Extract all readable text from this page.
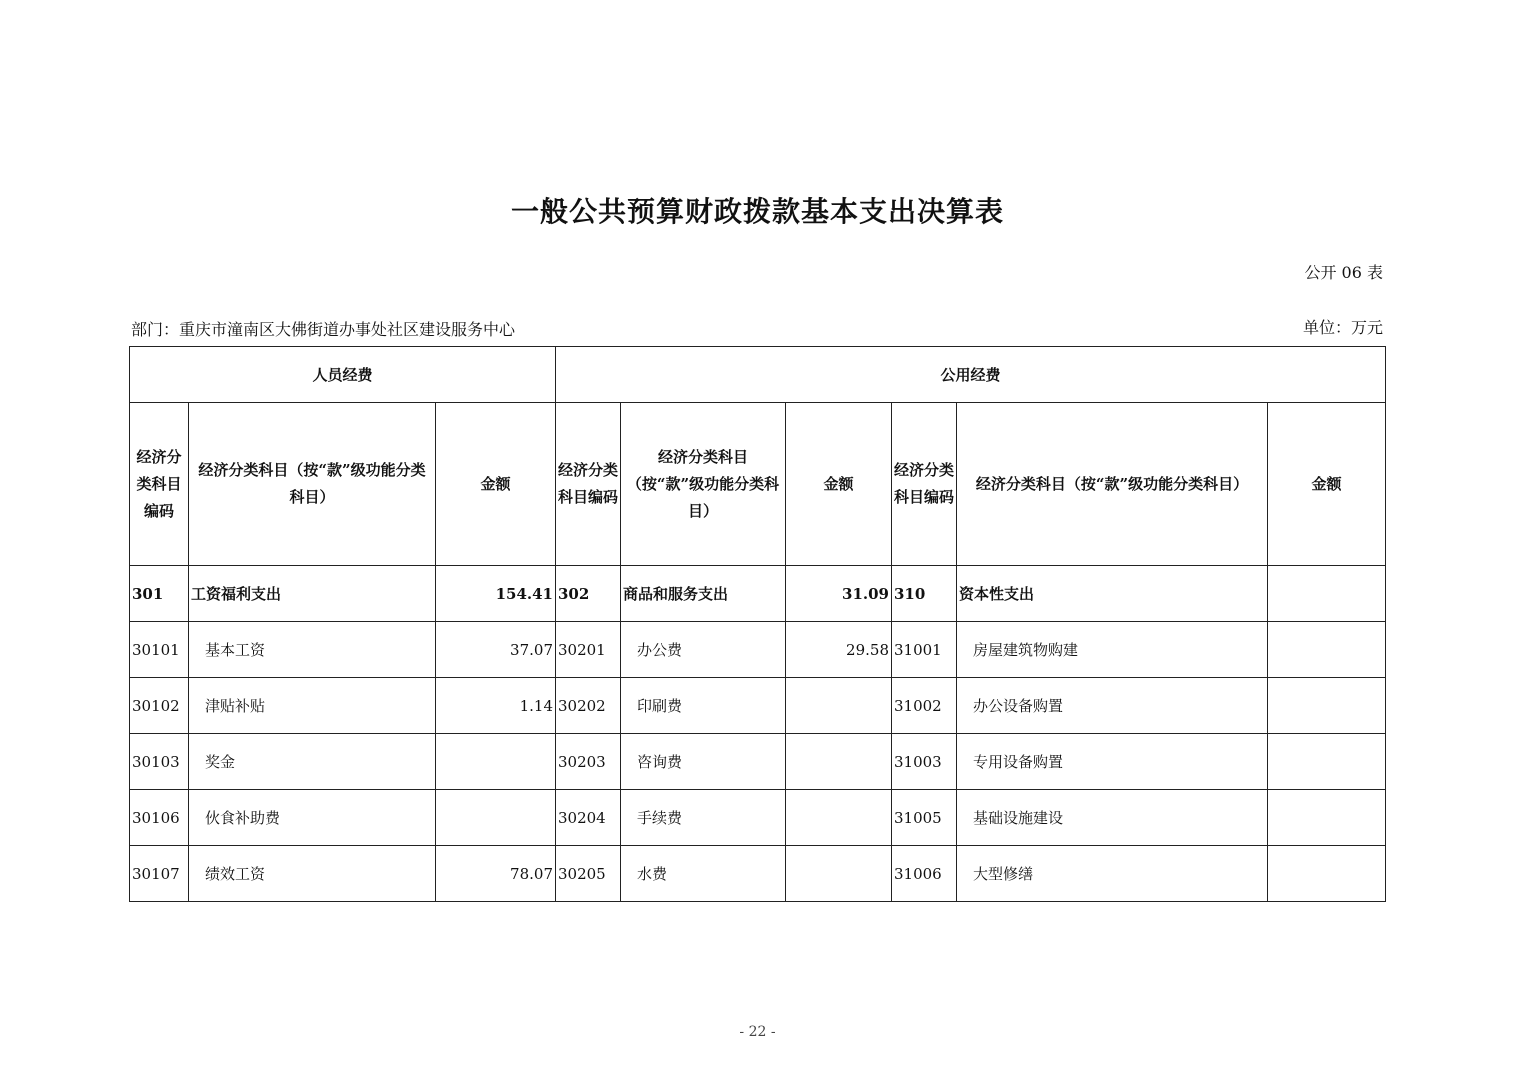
一般公共预算财政拨款基本支出决算表
公开 06 表
部门：重庆市潼南区大佛街道办事处社区建设服务中心	单位：万元
人员经费			公用经费					
经济分类科目编码	经济分类科目（按“款”级功能分类科目）	金额	经济分类科目编码	经济分类科目（按“款”级功能分类科目）	金额	经济分类科目编码	经济分类科目（按“款”级功能分类科目）	金额
301	工资福利支出	154.41	302	商品和服务支出	31.09	310	资本性支出	
30101	基本工资	37.07	30201	办公费	29.58	31001	房屋建筑物购建	
30102	津贴补贴	1.14	30202	印刷费		31002	办公设备购置	
30103	奖金		30203	咨询费		31003	专用设备购置	
30106	伙食补助费		30204	手续费		31005	基础设施建设	
30107	绩效工资	78.07	30205	水费		31006	大型修缮	
- 22 -
